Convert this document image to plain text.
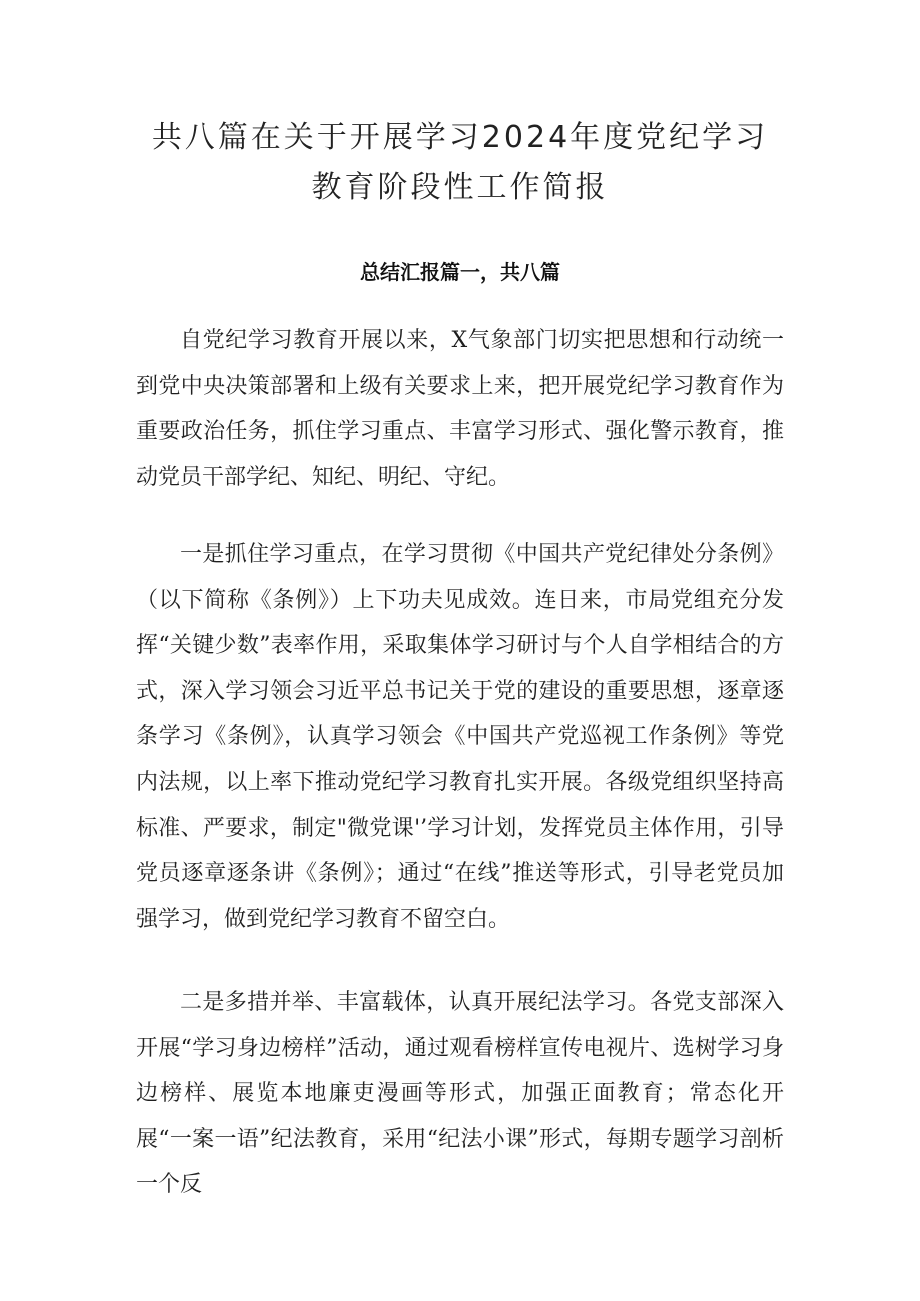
共八篇在关于开展学习2024年度党纪学习
教育阶段性工作简报
总结汇报篇一，共八篇

自党纪学习教育开展以来，X气象部门切实把思想和行动统一到党中央决策部署和上级有关要求上来，把开展党纪学习教育作为重要政治任务，抓住学习重点、丰富学习形式、强化警示教育，推动党员干部学纪、知纪、明纪、守纪。

一是抓住学习重点，在学习贯彻《中国共产党纪律处分条例》（以下简称《条例》）上下功夫见成效。连日来，市局党组充分发挥“关键少数”表率作用，采取集体学习研讨与个人自学相结合的方式，深入学习领会习近平总书记关于党的建设的重要思想，逐章逐条学习《条例》，认真学习领会《中国共产党巡视工作条例》等党内法规，以上率下推动党纪学习教育扎实开展。各级党组织坚持高标准、严要求，制定"微党课'’学习计划，发挥党员主体作用，引导党员逐章逐条讲《条例》；通过“在线”推送等形式，引导老党员加强学习，做到党纪学习教育不留空白。

二是多措并举、丰富载体，认真开展纪法学习。各党支部深入开展“学习身边榜样”活动，通过观看榜样宣传电视片、选树学习身边榜样、展览本地廉吏漫画等形式，加强正面教育；常态化开展“一案一语”纪法教育，采用“纪法小课”形式，每期专题学习剖析一个反
